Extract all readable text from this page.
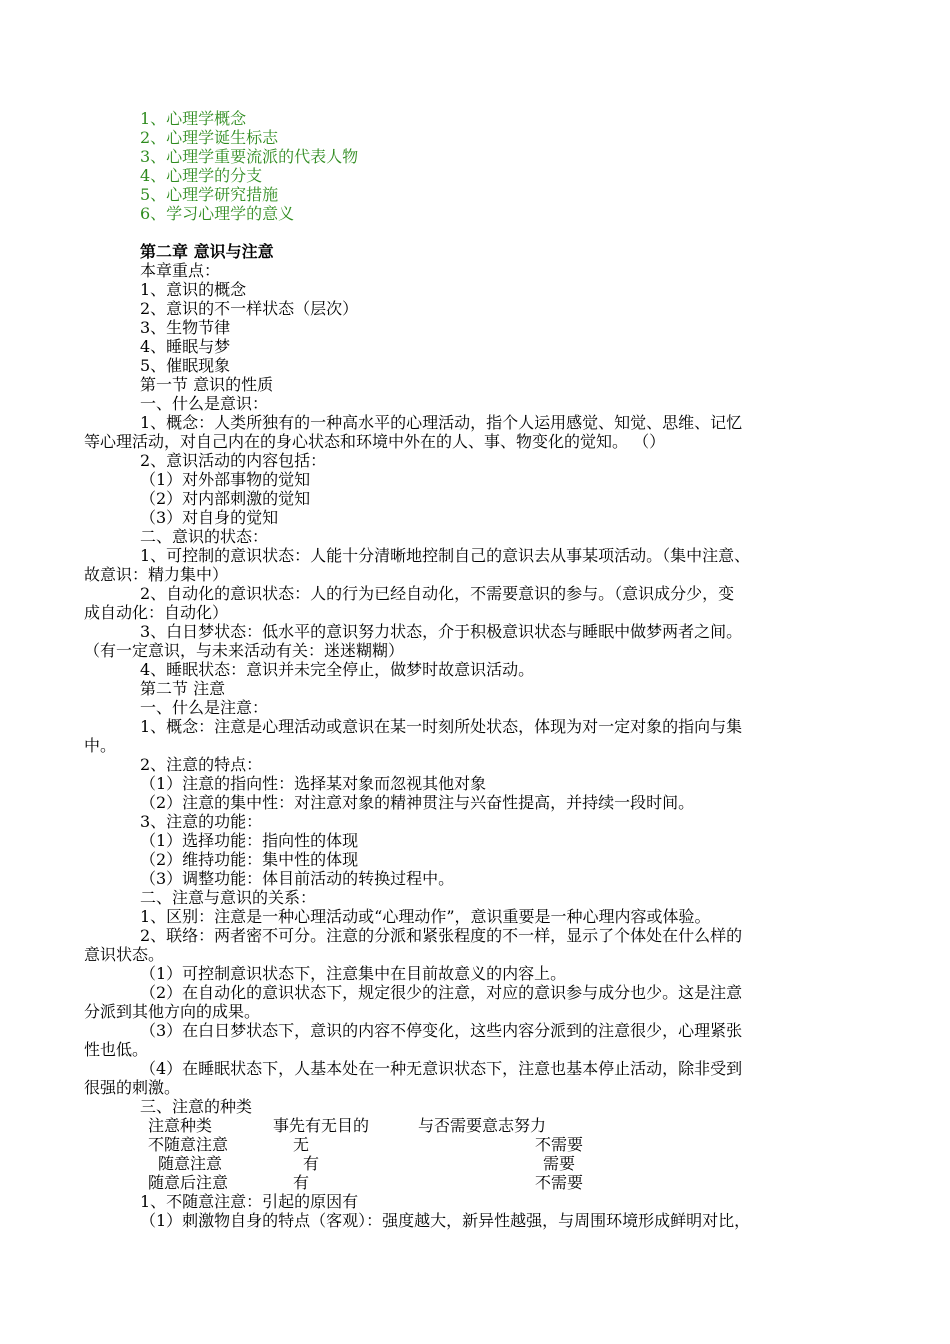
1、心理学概念
2、心理学诞生标志
3、心理学重要流派的代表人物
4、心理学的分支
5、心理学研究措施
6、学习心理学的意义
第二章 意识与注意
本章重点：
1、意识的概念
2、意识的不一样状态（层次）
3、生物节律
4、睡眠与梦
5、催眠现象
第一节 意识的性质
一、什么是意识：
1、概念：人类所独有的一种高水平的心理活动，指个人运用感觉、知觉、思维、记忆
等心理活动，对自己内在的身心状态和环境中外在的人、事、物变化的觉知。 （）
2、意识活动的内容包括：
（1）对外部事物的觉知
（2）对内部刺激的觉知
（3）对自身的觉知
二、意识的状态：
1、可控制的意识状态：人能十分清晰地控制自己的意识去从事某项活动。（集中注意、
故意识：精力集中）
2、自动化的意识状态：人的行为已经自动化，不需要意识的参与。（意识成分少，变
成自动化：自动化）
3、白日梦状态：低水平的意识努力状态，介于积极意识状态与睡眠中做梦两者之间。
（有一定意识，与未来活动有关：迷迷糊糊）
4、睡眠状态：意识并未完全停止，做梦时故意识活动。
第二节 注意
一、什么是注意：
1、概念：注意是心理活动或意识在某一时刻所处状态，体现为对一定对象的指向与集
中。
2、注意的特点：
（1）注意的指向性：选择某对象而忽视其他对象
（2）注意的集中性：对注意对象的精神贯注与兴奋性提高，并持续一段时间。
3、注意的功能：
（1）选择功能：指向性的体现
（2）维持功能：集中性的体现
（3）调整功能：体目前活动的转换过程中。
二、注意与意识的关系：
1、区别：注意是一种心理活动或“心理动作”，意识重要是一种心理内容或体验。
2、联络：两者密不可分。注意的分派和紧张程度的不一样，显示了个体处在什么样的
意识状态。
（1）可控制意识状态下，注意集中在目前故意义的内容上。
（2）在自动化的意识状态下，规定很少的注意，对应的意识参与成分也少。这是注意
分派到其他方向的成果。
（3）在白日梦状态下，意识的内容不停变化，这些内容分派到的注意很少，心理紧张
性也低。
（4）在睡眠状态下，人基本处在一种无意识状态下，注意也基本停止活动，除非受到
很强的刺激。
三、注意的种类
注意种类	事先有无目的	与否需要意志努力
不随意注意	无	不需要
随意注意	有	需要
随意后注意	有	不需要
1、不随意注意：引起的原因有
（1）刺激物自身的特点（客观）：强度越大，新异性越强，与周围环境形成鲜明对比，
